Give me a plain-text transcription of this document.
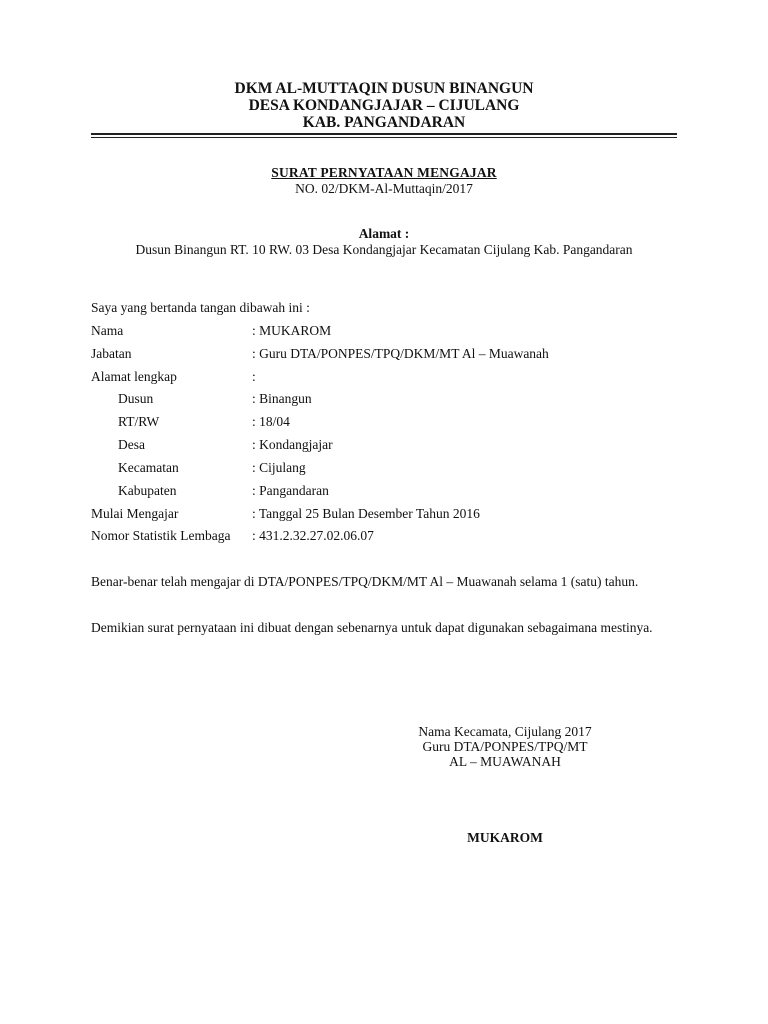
DKM AL-MUTTAQIN DUSUN BINANGUN
DESA KONDANGJAJAR – CIJULANG
KAB. PANGANDARAN
SURAT PERNYATAAN MENGAJAR
NO. 02/DKM-Al-Muttaqin/2017
Alamat :
Dusun Binangun RT. 10 RW. 03 Desa Kondangjajar Kecamatan Cijulang Kab. Pangandaran
Saya yang bertanda tangan dibawah ini :
Nama	: MUKAROM
Jabatan	: Guru DTA/PONPES/TPQ/DKM/MT Al – Muawanah
Alamat lengkap	:
Dusun	: Binangun
RT/RW	: 18/04
Desa	: Kondangjajar
Kecamatan	: Cijulang
Kabupaten	: Pangandaran
Mulai Mengajar	: Tanggal 25 Bulan Desember Tahun 2016
Nomor Statistik Lembaga : 431.2.32.27.02.06.07
Benar-benar telah mengajar di DTA/PONPES/TPQ/DKM/MT Al – Muawanah selama 1 (satu) tahun.
Demikian surat pernyataan ini dibuat dengan sebenarnya untuk dapat digunakan sebagaimana mestinya.
Nama Kecamata, Cijulang 2017
Guru DTA/PONPES/TPQ/MT
AL – MUAWANAH
MUKAROM
